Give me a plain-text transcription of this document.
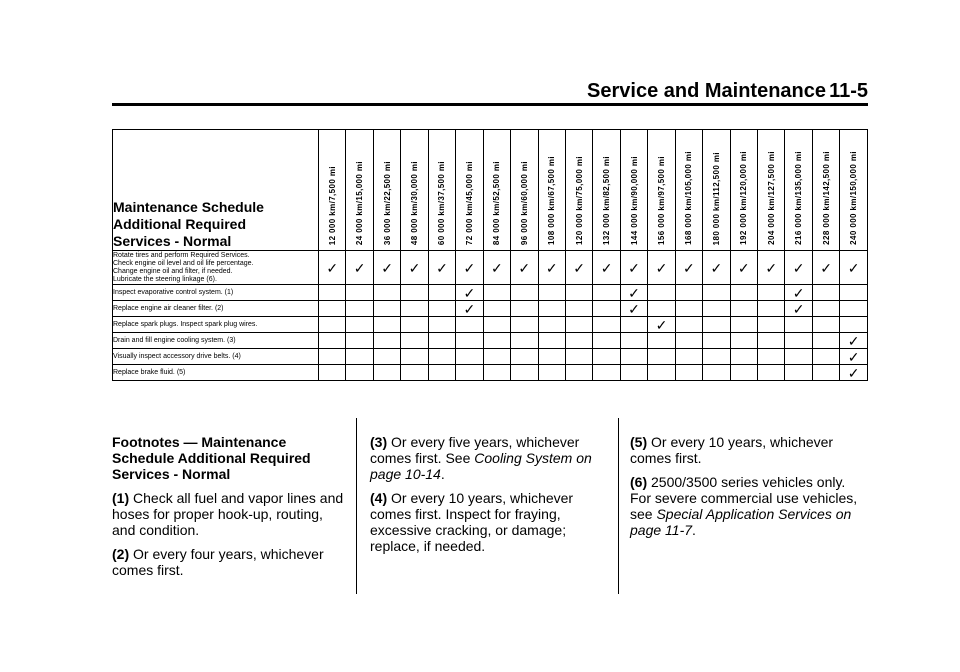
Service and Maintenance 11-5
Maintenance Schedule
Additional Required
Services - Normal	12 000 km/7,500 mi	24 000 km/15,000 mi	36 000 km/22,500 mi	48 000 km/30,000 mi	60 000 km/37,500 mi	72 000 km/45,000 mi	84 000 km/52,500 mi	96 000 km/60,000 mi	108 000 km/67,500 mi	120 000 km/75,000 mi	132 000 km/82,500 mi	144 000 km/90,000 mi	156 000 km/97,500 mi	168 000 km/105,000 mi	180 000 km/112,500 mi	192 000 km/120,000 mi	204 000 km/127,500 mi	216 000 km/135,000 mi	228 000 km/142,500 mi	240 000 km/150,000 mi

Rotate tires and perform Required Services.
Check engine oil level and oil life percentage.
Change engine oil and filter, if needed.
Lubricate the steering linkage (6).	✓	✓	✓	✓	✓	✓	✓	✓	✓	✓	✓	✓	✓	✓	✓	✓	✓	✓	✓	✓

Inspect evaporative control system. (1)						✓						✓						✓		

Replace engine air cleaner filter. (2)						✓						✓						✓		

Replace spark plugs. Inspect spark plug wires.													✓							

Drain and fill engine cooling system. (3)																				✓

Visually inspect accessory drive belts. (4)																				✓

Replace brake fluid. (5)																				✓
Footnotes — Maintenance
Schedule Additional Required
Services - Normal

(1) Check all fuel and vapor lines and hoses for proper hook-up, routing, and condition.

(2) Or every four years, whichever comes first.

(3) Or every five years, whichever comes first. See Cooling System on page 10-14.

(4) Or every 10 years, whichever comes first. Inspect for fraying, excessive cracking, or damage; replace, if needed.

(5) Or every 10 years, whichever comes first.

(6) 2500/3500 series vehicles only. For severe commercial use vehicles, see Special Application Services on page 11-7.
